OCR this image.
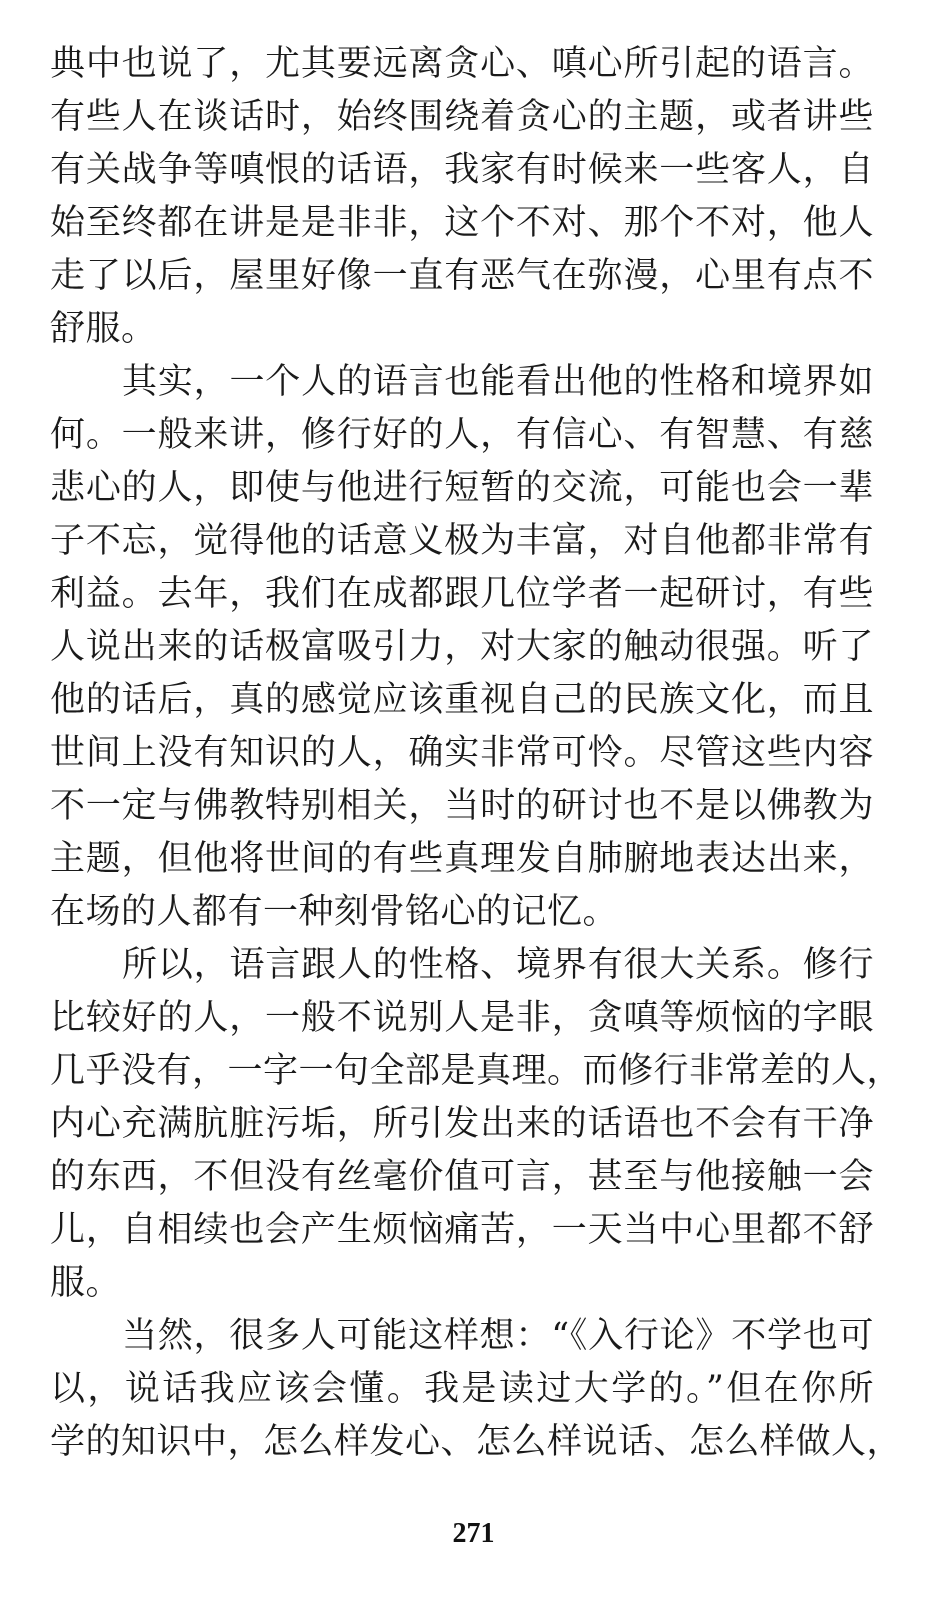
典中也说了，尤其要远离贪心、嗔心所引起的语言。
有些人在谈话时，始终围绕着贪心的主题，或者讲些
有关战争等嗔恨的话语，我家有时候来一些客人，自
始至终都在讲是是非非，这个不对、那个不对，他人
走了以后，屋里好像一直有恶气在弥漫，心里有点不
舒服。
其实，一个人的语言也能看出他的性格和境界如
何。一般来讲，修行好的人，有信心、有智慧、有慈
悲心的人，即使与他进行短暂的交流，可能也会一辈
子不忘，觉得他的话意义极为丰富，对自他都非常有
利益。去年，我们在成都跟几位学者一起研讨，有些
人说出来的话极富吸引力，对大家的触动很强。听了
他的话后，真的感觉应该重视自己的民族文化，而且
世间上没有知识的人，确实非常可怜。尽管这些内容
不一定与佛教特别相关，当时的研讨也不是以佛教为
主题，但他将世间的有些真理发自肺腑地表达出来，
在场的人都有一种刻骨铭心的记忆。
所以，语言跟人的性格、境界有很大关系。修行
比较好的人，一般不说别人是非，贪嗔等烦恼的字眼
几乎没有，一字一句全部是真理。而修行非常差的人，
内心充满肮脏污垢，所引发出来的话语也不会有干净
的东西，不但没有丝毫价值可言，甚至与他接触一会
儿，自相续也会产生烦恼痛苦，一天当中心里都不舒
服。
当然，很多人可能这样想：“《入行论》不学也可
以，说话我应该会懂。我是读过大学的。”但在你所
学的知识中，怎么样发心、怎么样说话、怎么样做人，
271
